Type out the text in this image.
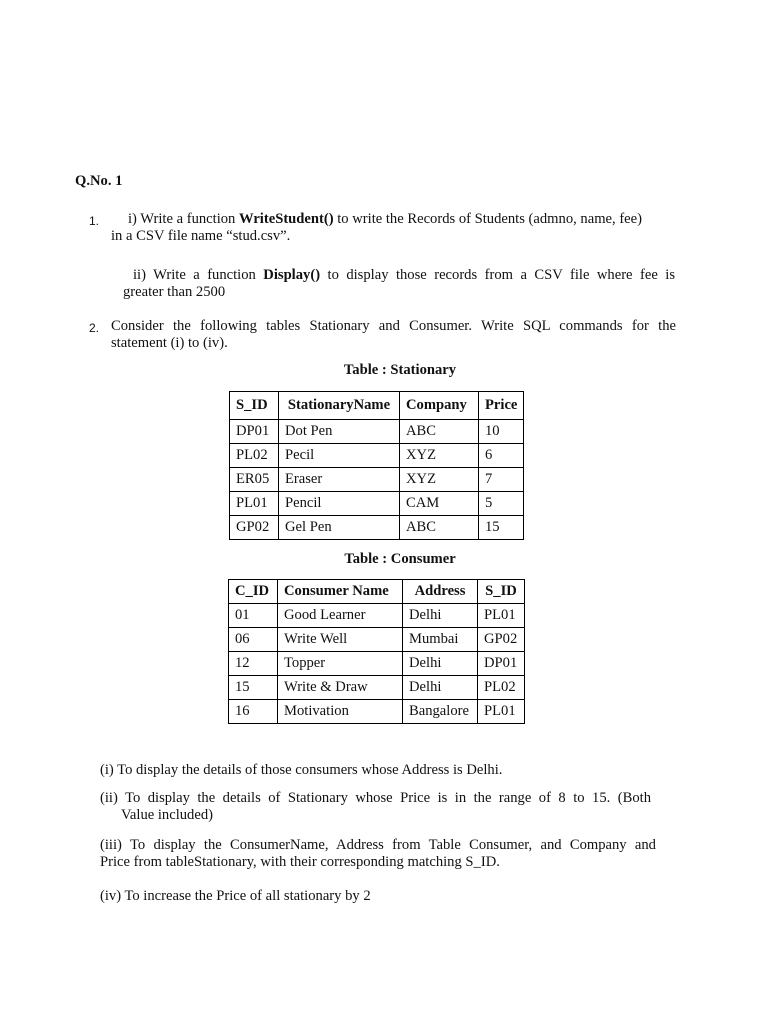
Q.No. 1
1.	i) Write a function WriteStudent() to write the Records of Students (admno, name, fee)
in a CSV file name “stud.csv”.
ii) Write a function Display() to display those records from a CSV file where fee is
greater than 2500
2. Consider the following tables Stationary and Consumer. Write SQL commands for the
statement (i) to (iv).
Table : Stationary
S_ID	StationaryName	Company	Price
DP01	Dot Pen	ABC	10
PL02	Pecil	XYZ	6
ER05	Eraser	XYZ	7
PL01	Pencil	CAM	5
GP02	Gel Pen	ABC	15
Table : Consumer
C_ID	Consumer Name	Address	S_ID
01	Good Learner	Delhi	PL01
06	Write Well	Mumbai	GP02
12	Topper	Delhi	DP01
15	Write & Draw	Delhi	PL02
16	Motivation	Bangalore	PL01
(i) To display the details of those consumers whose Address is Delhi.
(ii) To display the details of Stationary whose Price is in the range of 8 to 15. (Both
Value included)
(iii) To display the ConsumerName, Address from Table Consumer, and Company and
Price from tableStationary, with their corresponding matching S_ID.
(iv) To increase the Price of all stationary by 2
